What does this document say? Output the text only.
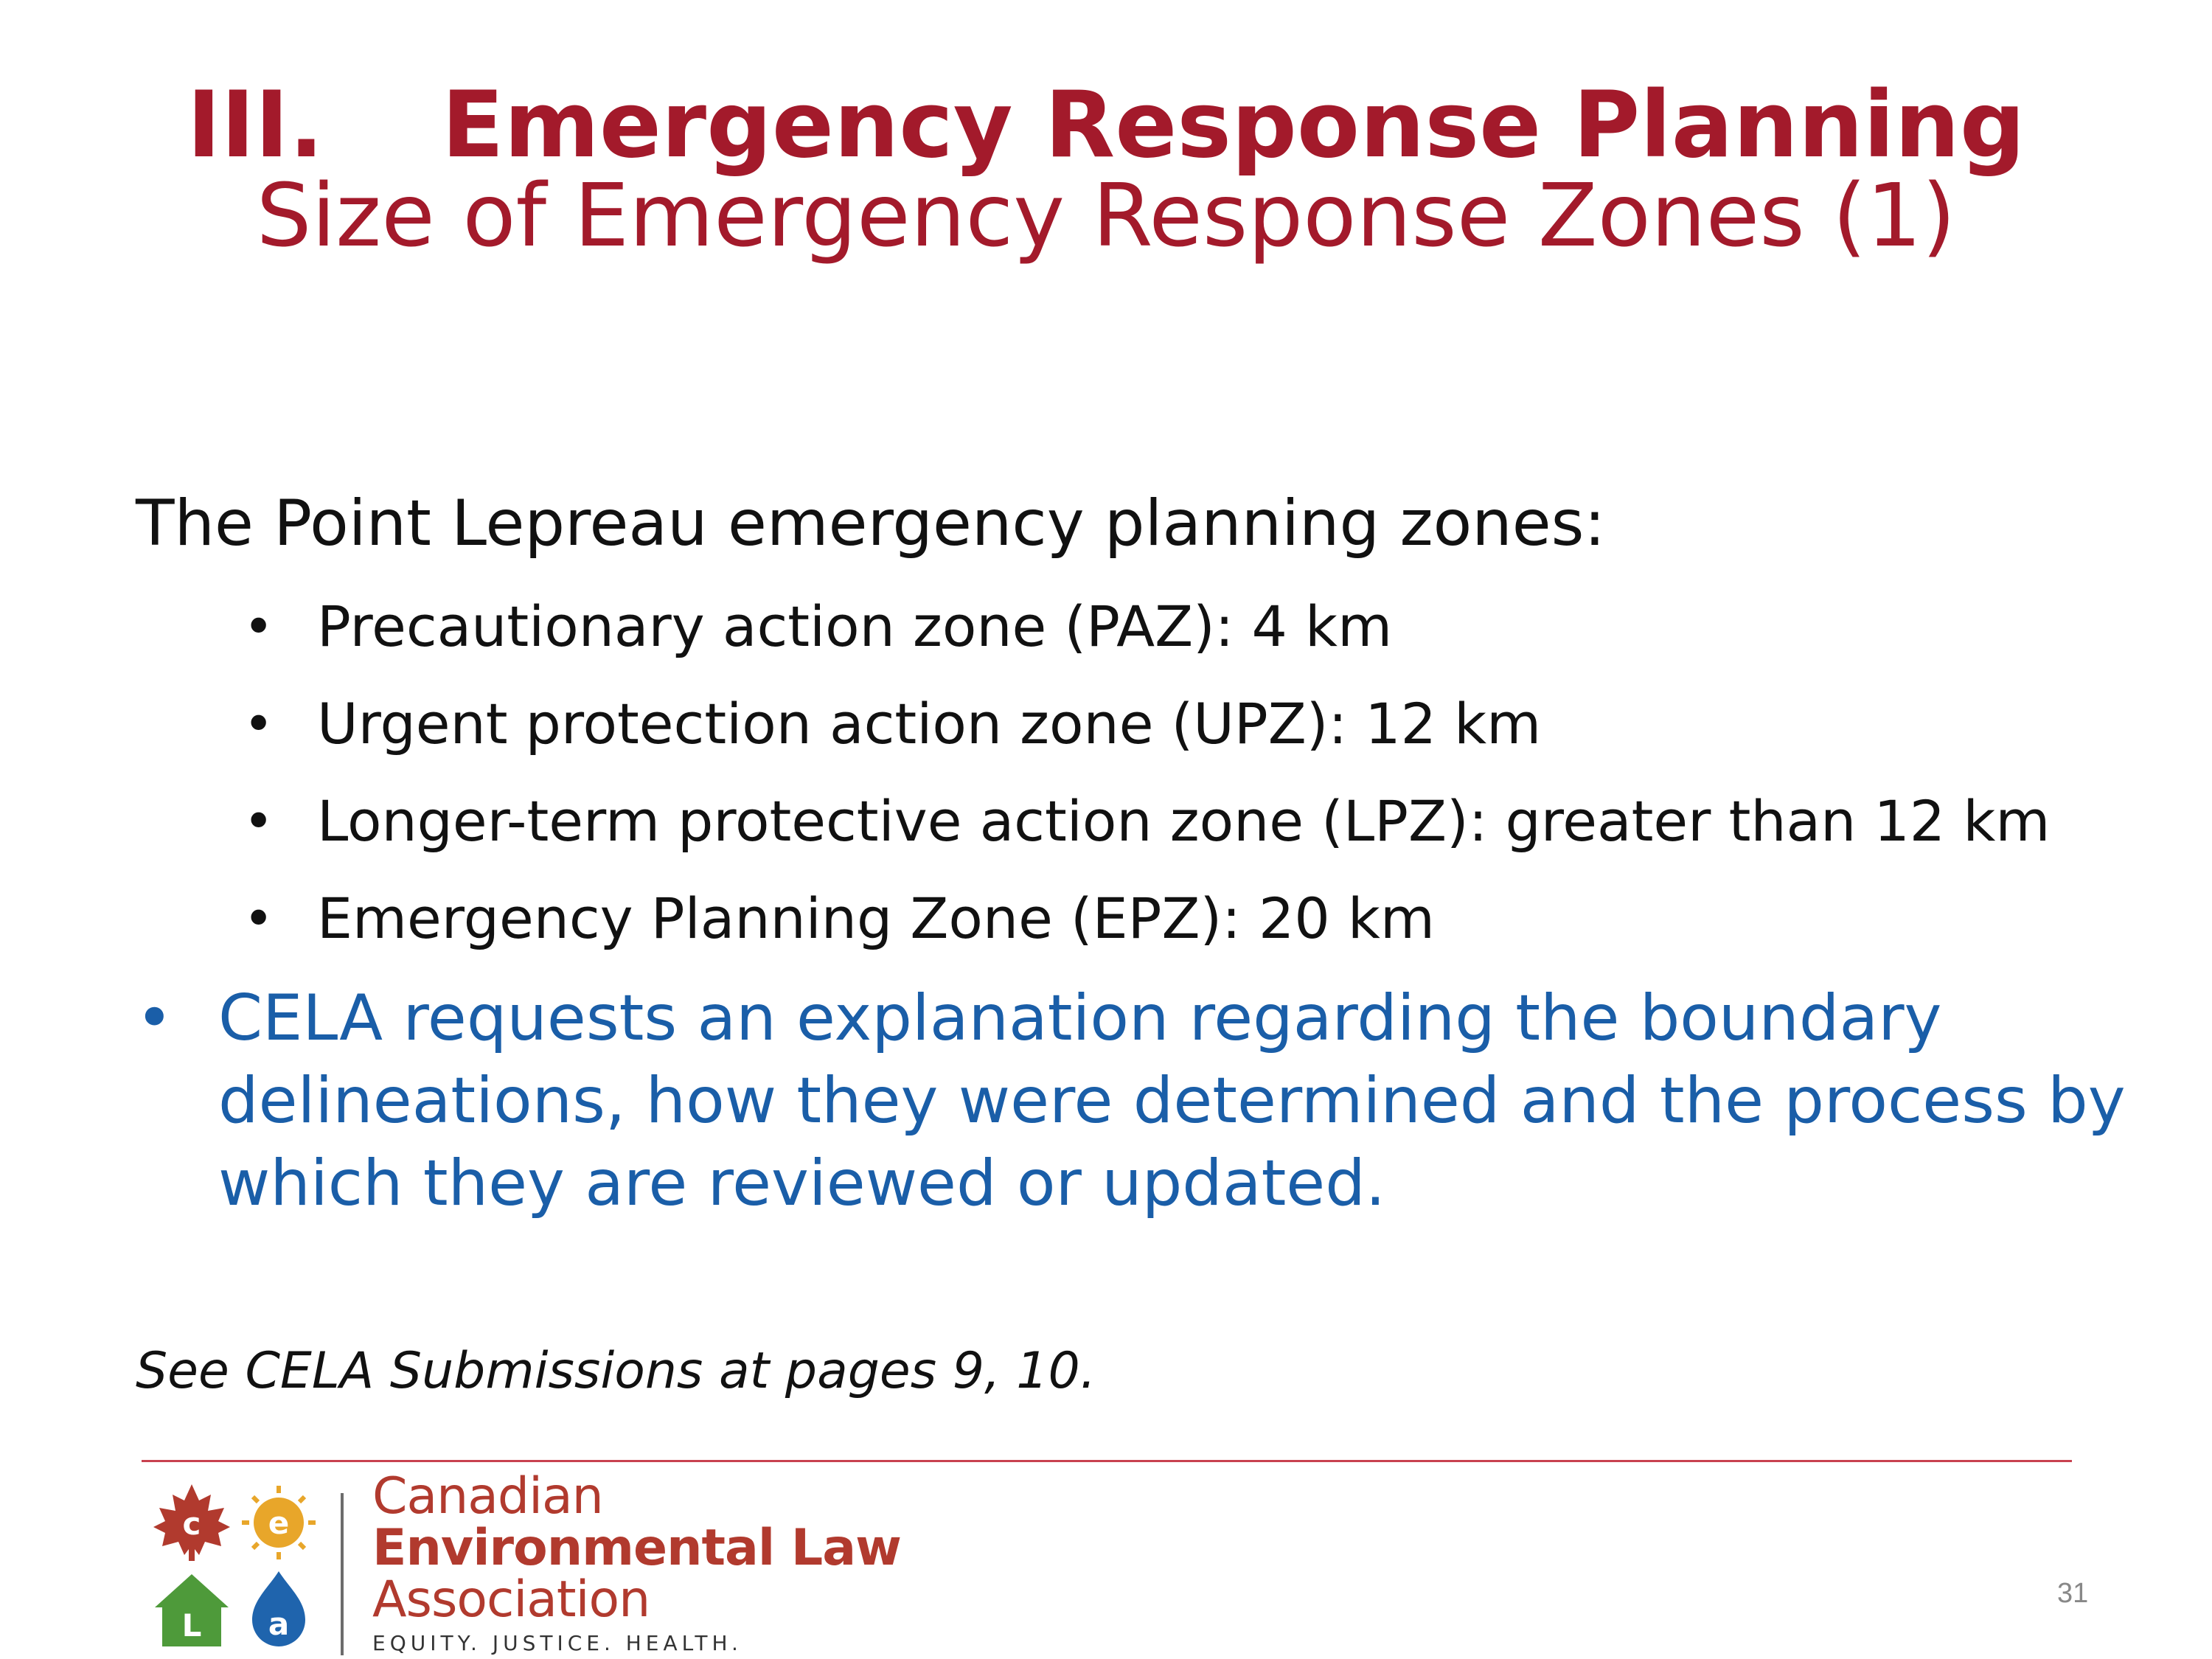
III. Emergency Response Planning
Size of Emergency Response Zones (1)
The Point Lepreau emergency planning zones:
• Precautionary action zone (PAZ): 4 km
• Urgent protection action zone (UPZ): 12 km
• Longer-term protective action zone (LPZ): greater than 12 km
• Emergency Planning Zone (EPZ): 20 km
• CELA requests an explanation regarding the boundary delineations, how they were determined and the process by which they are reviewed or updated.
See CELA Submissions at pages 9, 10.
c e
L a
Canadian
Environmental Law
Association
EQUITY. JUSTICE. HEALTH.
31
